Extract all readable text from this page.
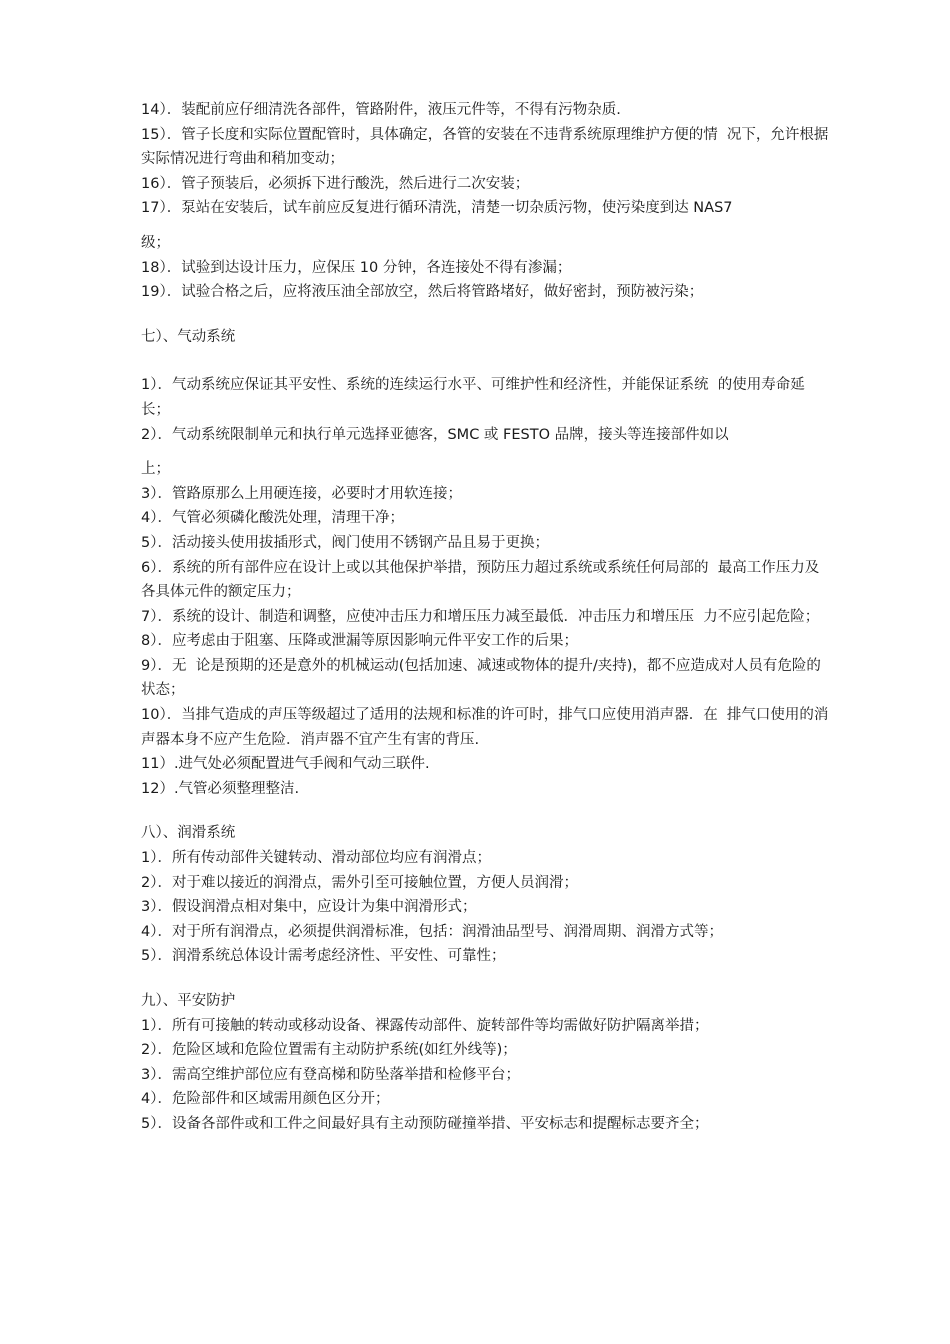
14）．装配前应仔细清洗各部件，管路附件，液压元件等，不得有污物杂质.

15）．管子长度和实际位置配管时，具体确定，各管的安装在不违背系统原理维护方便的情  况下，允许根据实际情况进行弯曲和稍加变动；

16）．管子预装后，必须拆下进行酸洗，然后进行二次安装；

17）．泵站在安装后，试车前应反复进行循环清洗，清楚一切杂质污物，使污染度到达 NAS7

级；

18）．试验到达设计压力，应保压 10 分钟，各连接处不得有渗漏；

19）．试验合格之后，应将液压油全部放空，然后将管路堵好，做好密封，预防被污染；

七）、气动系统

1）．气动系统应保证其平安性、系统的连续运行水平、可维护性和经济性，并能保证系统  的使用寿命延长；

2）．气动系统限制单元和执行单元选择亚德客，SMC 或 FESTO 品牌，接头等连接部件如以

上；

3）．管路原那么上用硬连接，必要时才用软连接；

4）．气管必须磷化酸洗处理，清理干净；

5）．活动接头使用拔插形式，阀门使用不锈钢产品且易于更换；

6）．系统的所有部件应在设计上或以其他保护举措，预防压力超过系统或系统任何局部的  最高工作压力及各具体元件的额定压力；

7）．系统的设计、制造和调整，应使冲击压力和增压压力减至最低．冲击压力和增压压  力不应引起危险；

8）．应考虑由于阻塞、压降或泄漏等原因影响元件平安工作的后果；

9）．无  论是预期的还是意外的机械运动(包括加速、减速或物体的提升/夹持)，都不应造成对人员有危险的状态；

10）．当排气造成的声压等级超过了适用的法规和标准的许可时，排气口应使用消声器．在  排气口使用的消声器本身不应产生危险．消声器不宜产生有害的背压.

11）.进气处必须配置进气手阀和气动三联件.

12）.气管必须整理整洁.

八）、润滑系统

1）．所有传动部件关键转动、滑动部位均应有润滑点；

2）．对于难以接近的润滑点，需外引至可接触位置，方便人员润滑；

3）．假设润滑点相对集中，应设计为集中润滑形式；

4）．对于所有润滑点，必须提供润滑标准，包括：润滑油品型号、润滑周期、润滑方式等；

5）．润滑系统总体设计需考虑经济性、平安性、可靠性；

九）、平安防护

1）．所有可接触的转动或移动设备、裸露传动部件、旋转部件等均需做好防护隔离举措；

2）．危险区域和危险位置需有主动防护系统(如红外线等)；

3）．需高空维护部位应有登高梯和防坠落举措和检修平台；

4）．危险部件和区域需用颜色区分开；

5）．设备各部件或和工件之间最好具有主动预防碰撞举措、平安标志和提醒标志要齐全；
